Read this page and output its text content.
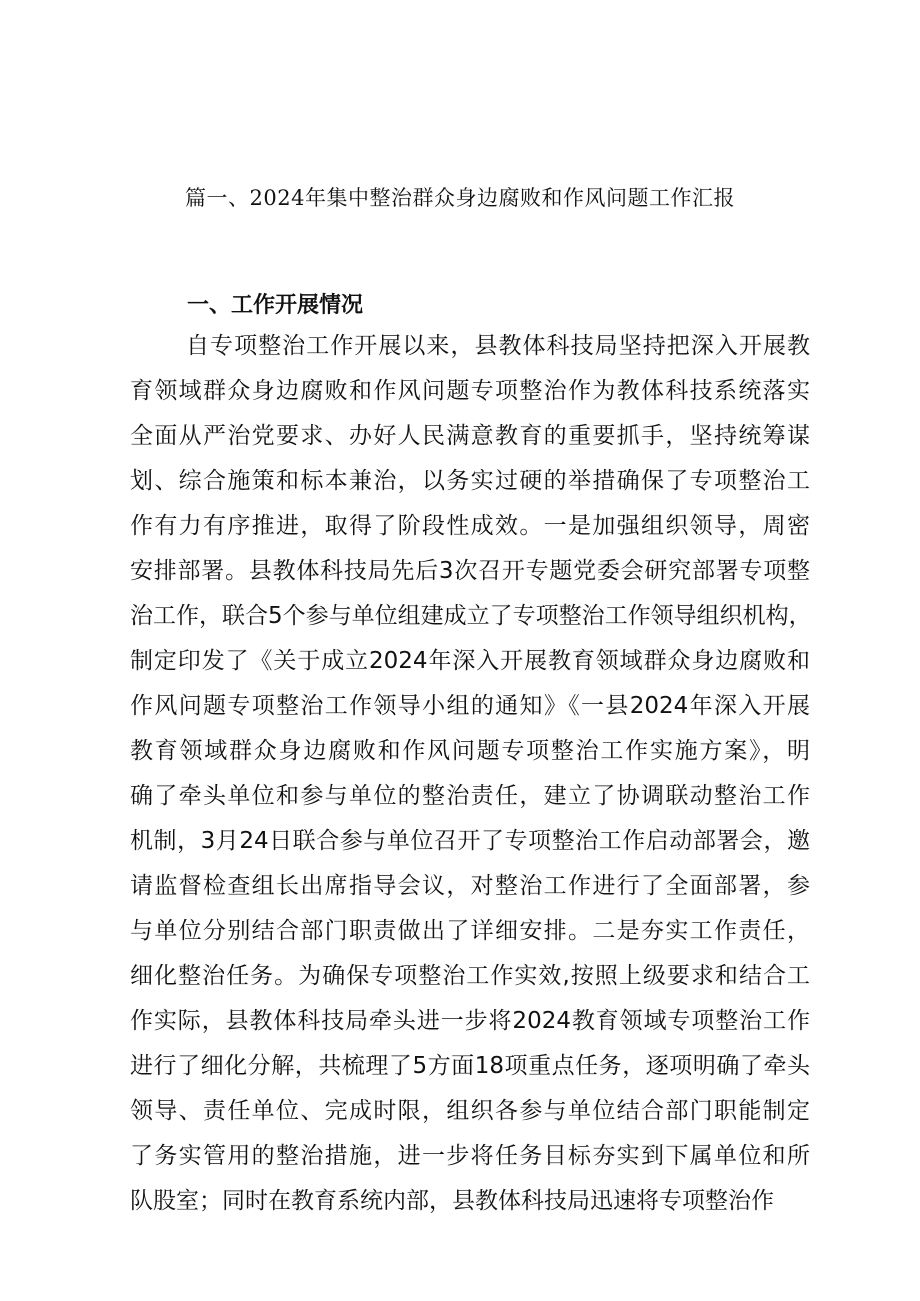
篇一、2024年集中整治群众身边腐败和作风问题工作汇报
一、工作开展情况
自专项整治工作开展以来，县教体科技局坚持把深入开展教
育领域群众身边腐败和作风问题专项整治作为教体科技系统落实
全面从严治党要求、办好人民满意教育的重要抓手，坚持统筹谋
划、综合施策和标本兼治，以务实过硬的举措确保了专项整治工
作有力有序推进，取得了阶段性成效。一是加强组织领导，周密
安排部署。县教体科技局先后3次召开专题党委会研究部署专项整
治工作，联合5个参与单位组建成立了专项整治工作领导组织机构，
制定印发了《关于成立2024年深入开展教育领域群众身边腐败和
作风问题专项整治工作领导小组的通知》《一县2024年深入开展
教育领域群众身边腐败和作风问题专项整治工作实施方案》，明
确了牵头单位和参与单位的整治责任，建立了协调联动整治工作
机制，3月24日联合参与单位召开了专项整治工作启动部署会，邀
请监督检查组长出席指导会议，对整治工作进行了全面部署，参
与单位分别结合部门职责做出了详细安排。二是夯实工作责任，
细化整治任务。为确保专项整治工作实效,按照上级要求和结合工
作实际，县教体科技局牵头进一步将2024教育领域专项整治工作
进行了细化分解，共梳理了5方面18项重点任务，逐项明确了牵头
领导、责任单位、完成时限，组织各参与单位结合部门职能制定
了务实管用的整治措施，进一步将任务目标夯实到下属单位和所
队股室；同时在教育系统内部，县教体科技局迅速将专项整治作
